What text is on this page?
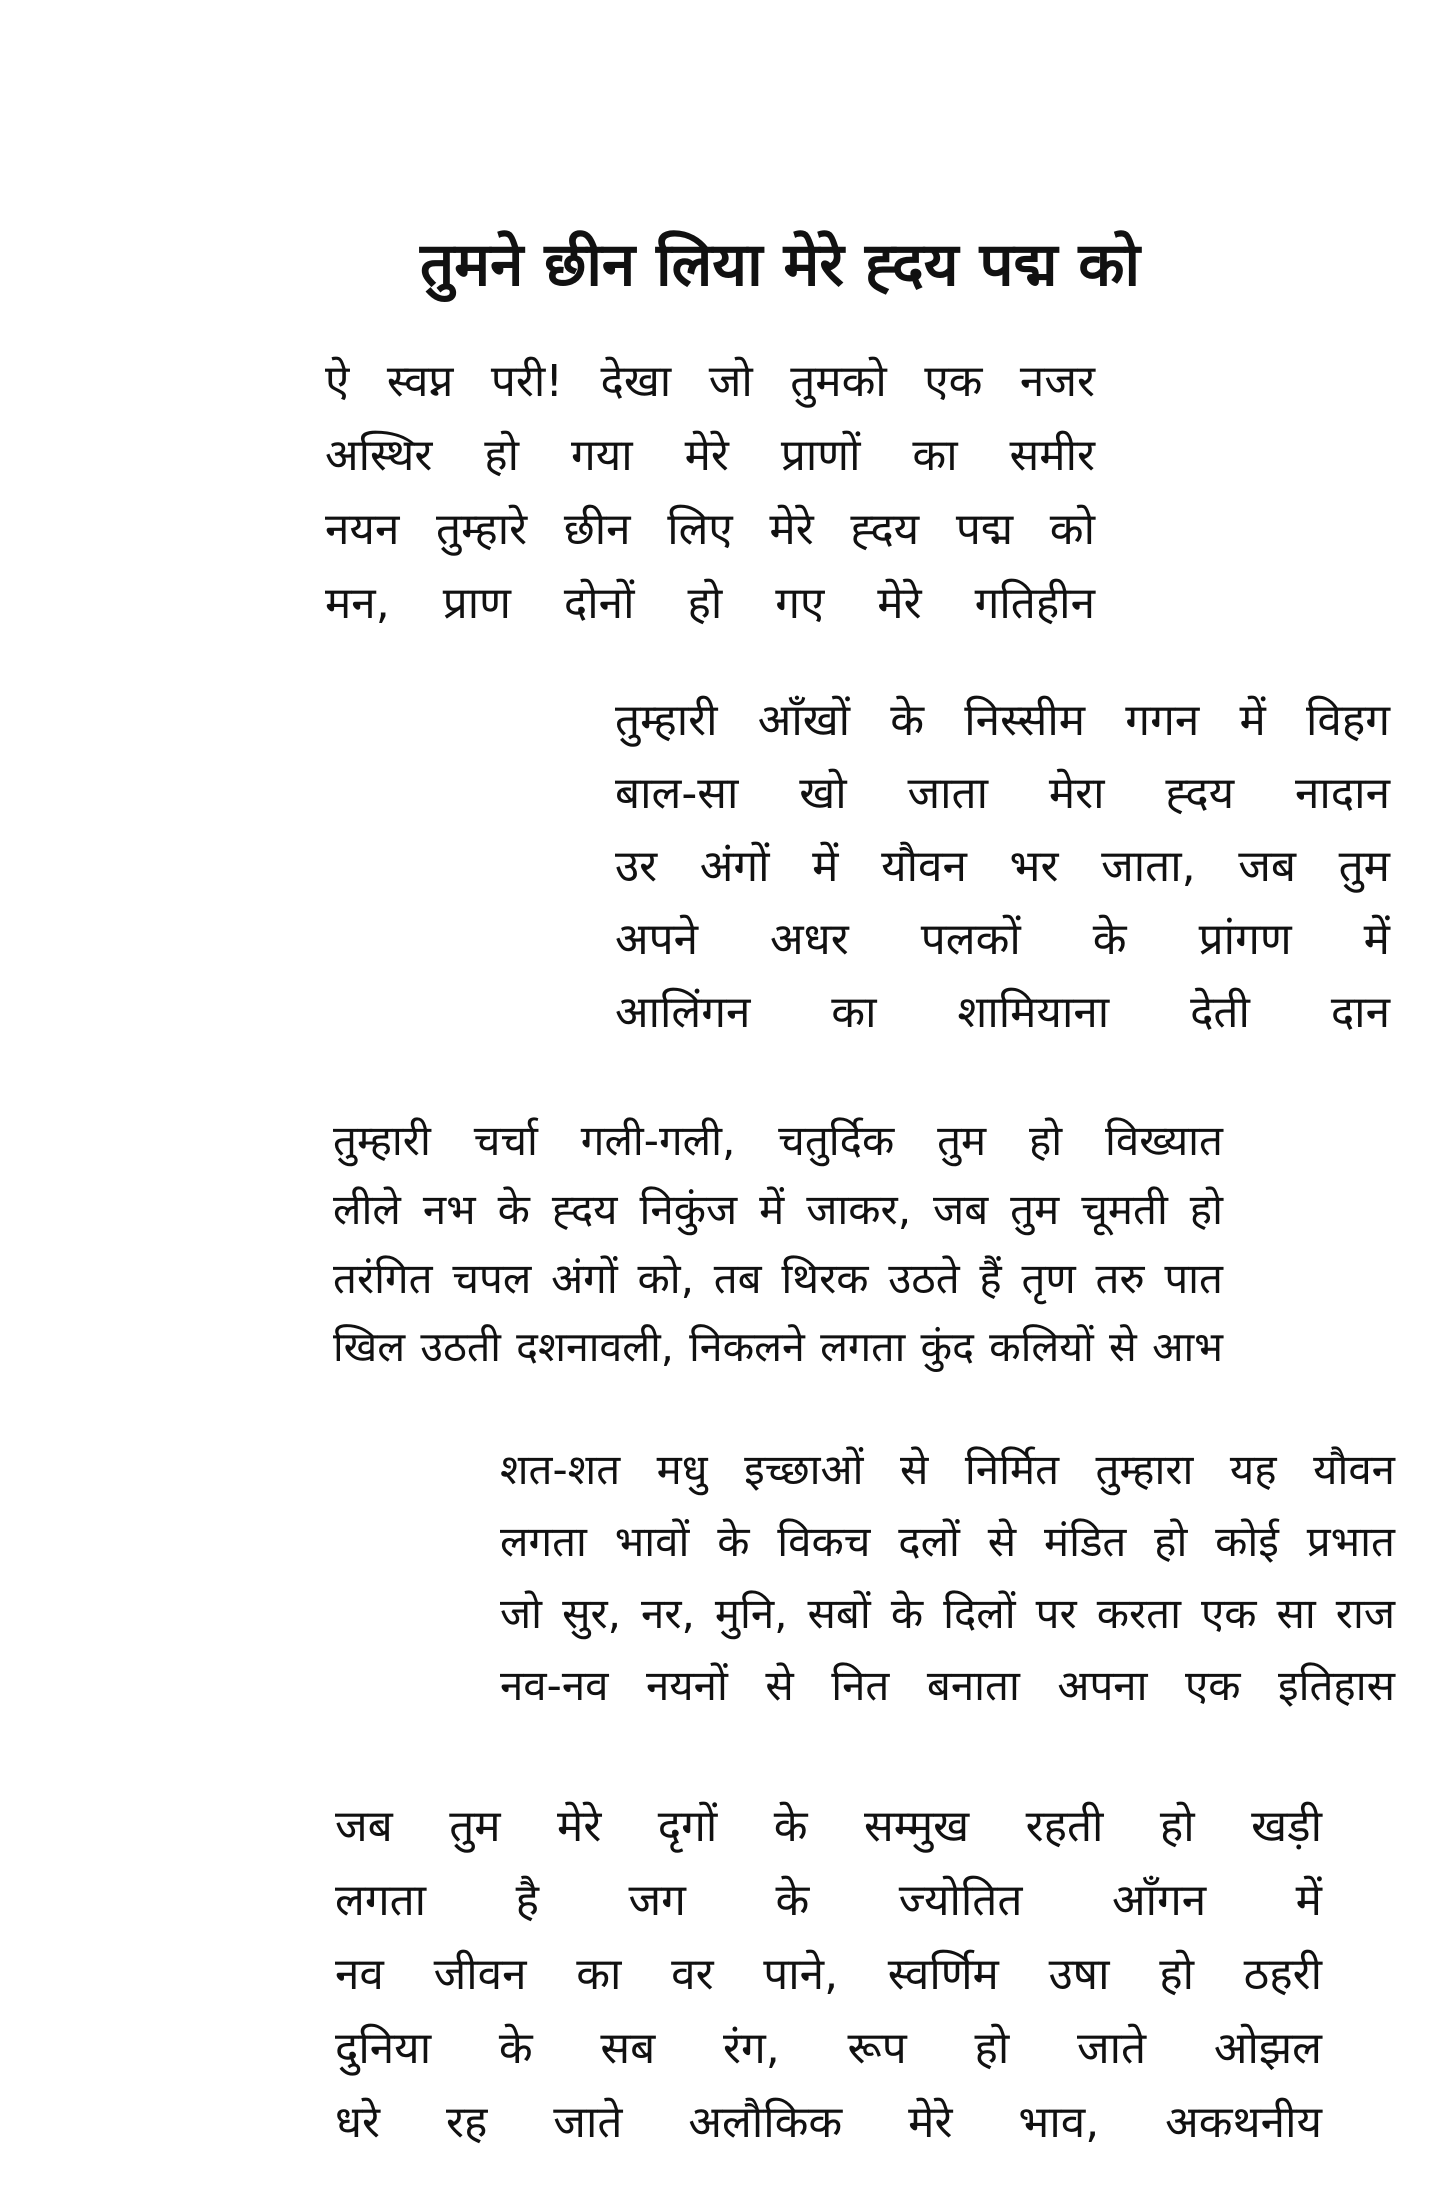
तुमने छीन लिया मेरे ह्दय पद्म को
ऐ स्वप्न परी! देखा जो तुमको एक नजर
अस्थिर हो गया मेरे प्राणों का समीर
नयन तुम्हारे छीन लिए मेरे ह्दय पद्म को
मन, प्राण दोनों हो गए मेरे गतिहीन
तुम्हारी आँखों के निस्सीम गगन में विहग
बाल-सा खो जाता मेरा ह्दय नादान
उर अंगों में यौवन भर जाता, जब तुम
अपने अधर पलकों के प्रांगण में
आलिंगन का शामियाना देती दान
तुम्हारी चर्चा गली-गली, चतुर्दिक तुम हो विख्यात
लीले नभ के ह्दय निकुंज में जाकर, जब तुम चूमती हो
तरंगित चपल अंगों को, तब थिरक उठते हैं तृण तरु पात
खिल उठती दशनावली, निकलने लगता कुंद कलियों से आभ
शत-शत मधु इच्छाओं से निर्मित तुम्हारा यह यौवन
लगता भावों के विकच दलों से मंडित हो कोई प्रभात
जो सुर, नर, मुनि, सबों के दिलों पर करता एक सा राज
नव-नव नयनों से नित बनाता अपना एक इतिहास
जब तुम मेरे दृगों के सम्मुख रहती हो खड़ी
लगता है जग के ज्योतित आँगन में
नव जीवन का वर पाने, स्वर्णिम उषा हो ठहरी
दुनिया के सब रंग, रूप हो जाते ओझल
धरे रह जाते अलौकिक मेरे भाव, अकथनीय
